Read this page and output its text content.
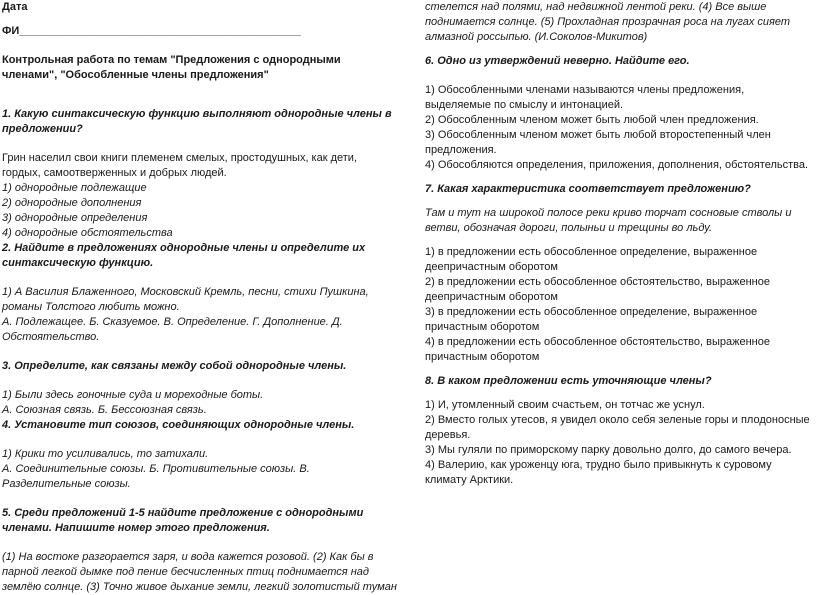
Дата

ФИ______________________________________________

Контрольная работа по темам "Предложения с однородными членами", "Обособленные члены предложения"

1. Какую синтаксическую функцию выполняют однородные члены в предложении?

Грин населил свои книги племенем смелых, простодушных, как дети, гордых, самоотверженных и добрых людей.

1) однородные подлежащие

2) однородные дополнения

3) однородные определения

4) однородные обстоятельства

2. Найдите в предложениях однородные члены и определите их синтаксическую функцию.

1) А Василия Блаженного, Московский Кремль, песни, стихи Пушкина, романы Толстого любить можно.

А. Подлежащее. Б. Сказуемое. В. Определение. Г. Дополнение. Д. Обстоятельство.

3. Определите, как связаны между собой однородные члены.

1) Были здесь гоночные суда и мореходные боты.

А. Союзная связь. Б. Бессоюзная связь.

4. Установите тип союзов, соединяющих однородные члены.

1) Крики то усиливались, то затихали.

А. Соединительные союзы. Б. Противительные союзы. В. Разделительные союзы.

5. Среди предложений 1-5 найдите предложение с однородными членами. Напишите номер этого предложения.

(1) На востоке разгорается заря, и вода кажется розовой. (2) Как бы в парной легкой дымке под пение бесчисленных птиц поднимается над землёю солнце. (3) Точно живое дыхание земли, легкий золотистый туман

стелется над полями, над недвижной лентой реки. (4) Все выше поднимается солнце. (5) Прохладная прозрачная роса на лугах сияет алмазной россыпью. (И.Соколов-Микитов)

6. Одно из утверждений неверно. Найдите его.

1) Обособленными членами называются члены предложения, выделяемые по смыслу и интонацией.

2) Обособленным членом может быть любой член предложения.

3) Обособленным членом может быть любой второстепенный член предложения.

4) Обособляются определения, приложения, дополнения, обстоятельства.

7. Какая характеристика соответствует предложению?

Там и тут на широкой полосе реки криво торчат сосновые стволы и ветви, обозначая дороги, полыньи и трещины во льду.

1) в предложении есть обособленное определение, выраженное деепричастным оборотом

2) в предложении есть обособленное обстоятельство, выраженное деепричастным оборотом

3) в предложении есть обособленное определение, выраженное причастным оборотом

4) в предложении есть обособленное обстоятельство, выраженное причастным оборотом

8. В каком предложении есть уточняющие члены?

1) И, утомленный своим счастьем, он тотчас же уснул.

2) Вместо голых утесов, я увидел около себя зеленые горы и плодоносные деревья.

3) Мы гуляли по приморскому парку довольно долго, до самого вечера.

4) Валерию, как уроженцу юга, трудно было привыкнуть к суровому климату Арктики.
